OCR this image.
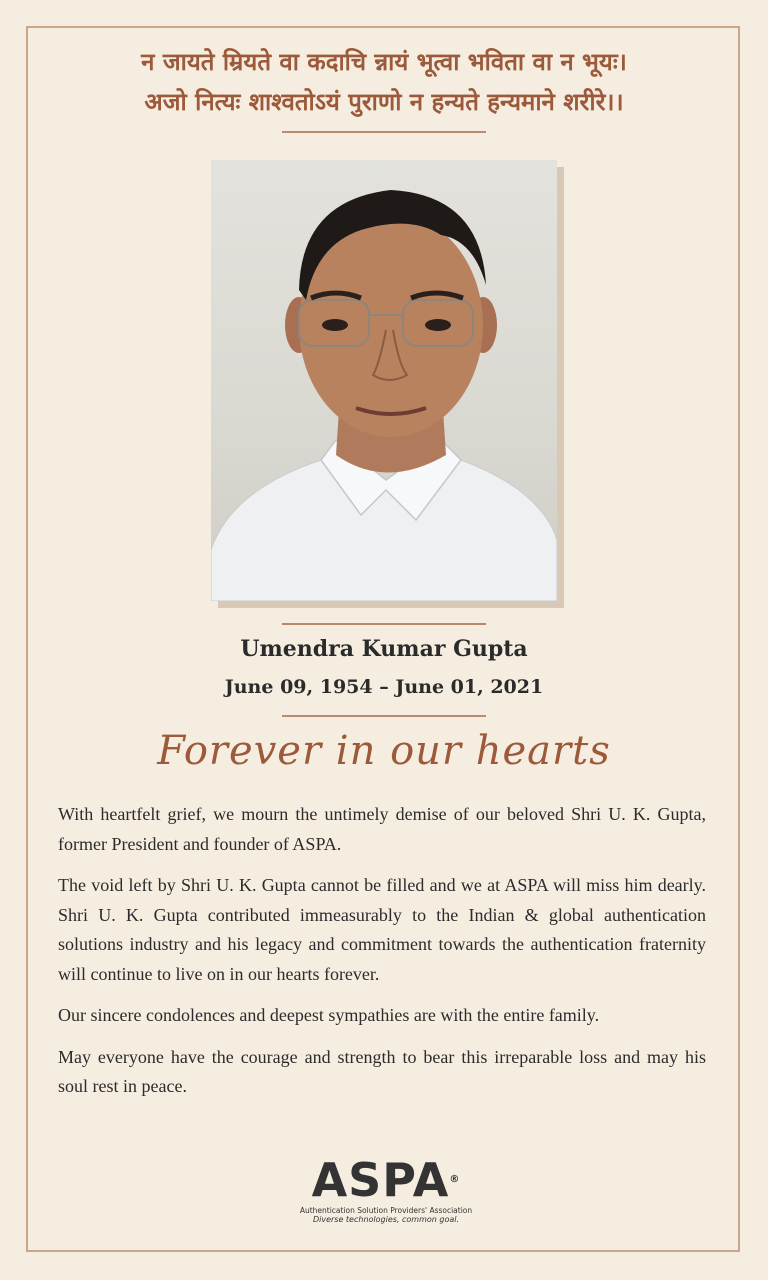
न जायते म्रियते वा कदाचि न्नायं भूत्वा भविता वा न भूयः।
अजो नित्यः शाश्वतोऽयं पुराणो न हन्यते हन्यमाने शरीरे।।
Umendra Kumar Gupta
June 09, 1954 – June 01, 2021
Forever in our hearts

With heartfelt grief, we mourn the untimely demise of our beloved Shri U. K. Gupta, former President and founder of ASPA.

The void left by Shri U. K. Gupta cannot be filled and we at ASPA will miss him dearly. Shri U. K. Gupta contributed immeasurably to the Indian & global authentication solutions industry and his legacy and commitment towards the authentication fraternity will continue to live on in our hearts forever.

Our sincere condolences and deepest sympathies are with the entire family.

May everyone have the courage and strength to bear this irreparable loss and may his soul rest in peace.

ASPA®
Authentication Solution Providers' Association
Diverse technologies, common goal.
